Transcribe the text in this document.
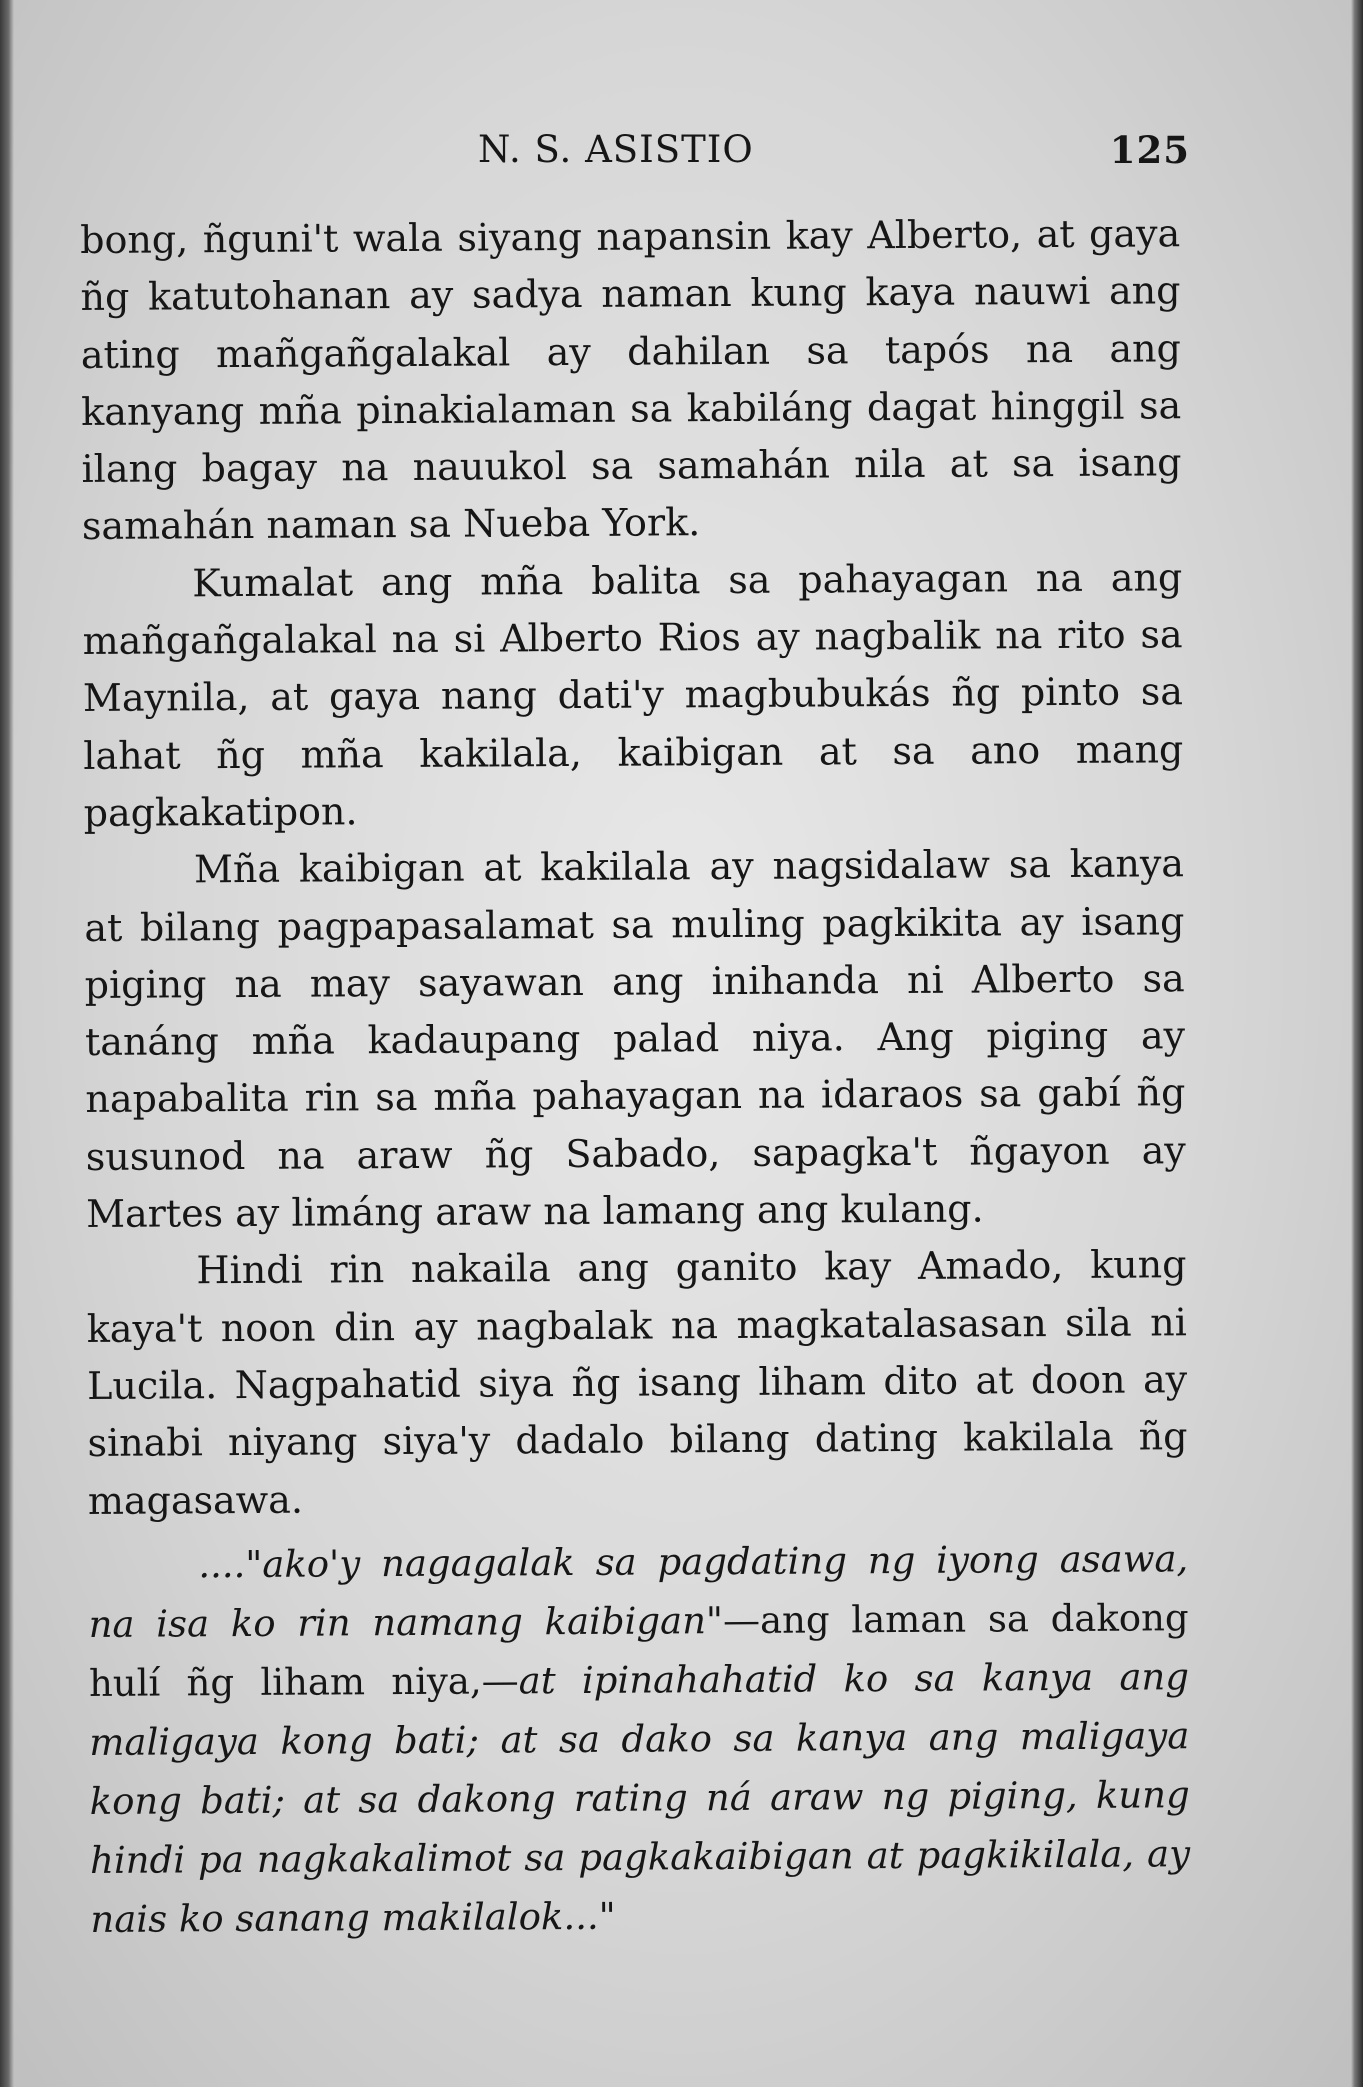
N. S. ASISTIO	125

bong, ñguni't wala siyang napansin kay Alberto, at gaya ñg katutohanan ay sadya naman kung kaya nauwi ang ating mañgañgalakal ay dahilan sa tapós na ang kanyang mña pinakialaman sa kabiláng dagat hinggil sa ilang bagay na nauukol sa samahán nila at sa isang samahán naman sa Nueba York.

Kumalat ang mña balita sa pahayagan na ang mañgañgalakal na si Alberto Rios ay nagbalik na rito sa Maynila, at gaya nang dati'y magbubukás ñg pinto sa lahat ñg mña kakilala, kaibigan at sa ano mang pagkakatipon.

Mña kaibigan at kakilala ay nagsidalaw sa kanya at bilang pagpapasalamat sa muling pagkikita ay isang piging na may sayawan ang inihanda ni Alberto sa tanáng mña kadaupang palad niya. Ang piging ay napabalita rin sa mña pahayagan na idaraos sa gabí ñg susunod na araw ñg Sabado, sapagka't ñgayon ay Martes ay limáng araw na lamang ang kulang.

Hindi rin nakaila ang ganito kay Amado, kung kaya't noon din ay nagbalak na magkatalasasan sila ni Lucila. Nagpahatid siya ñg isang liham dito at doon ay sinabi niyang siya'y dadalo bilang dating kakilala ñg magasawa.

...."ako'y nagagalak sa pagdating ng iyong asawa, na isa ko rin namang kaibigan"—ang laman sa dakong hulí ñg liham niya,—at ipinahahatid ko sa kanya ang maligaya kong bati; at sa dako sa kanya ang maligaya kong bati; at sa dakong rating ná araw ng piging, kung hindi pa nagkakalimot sa pagkakaibigan at pagkikilala, ay nais ko sanang makilalok..."
